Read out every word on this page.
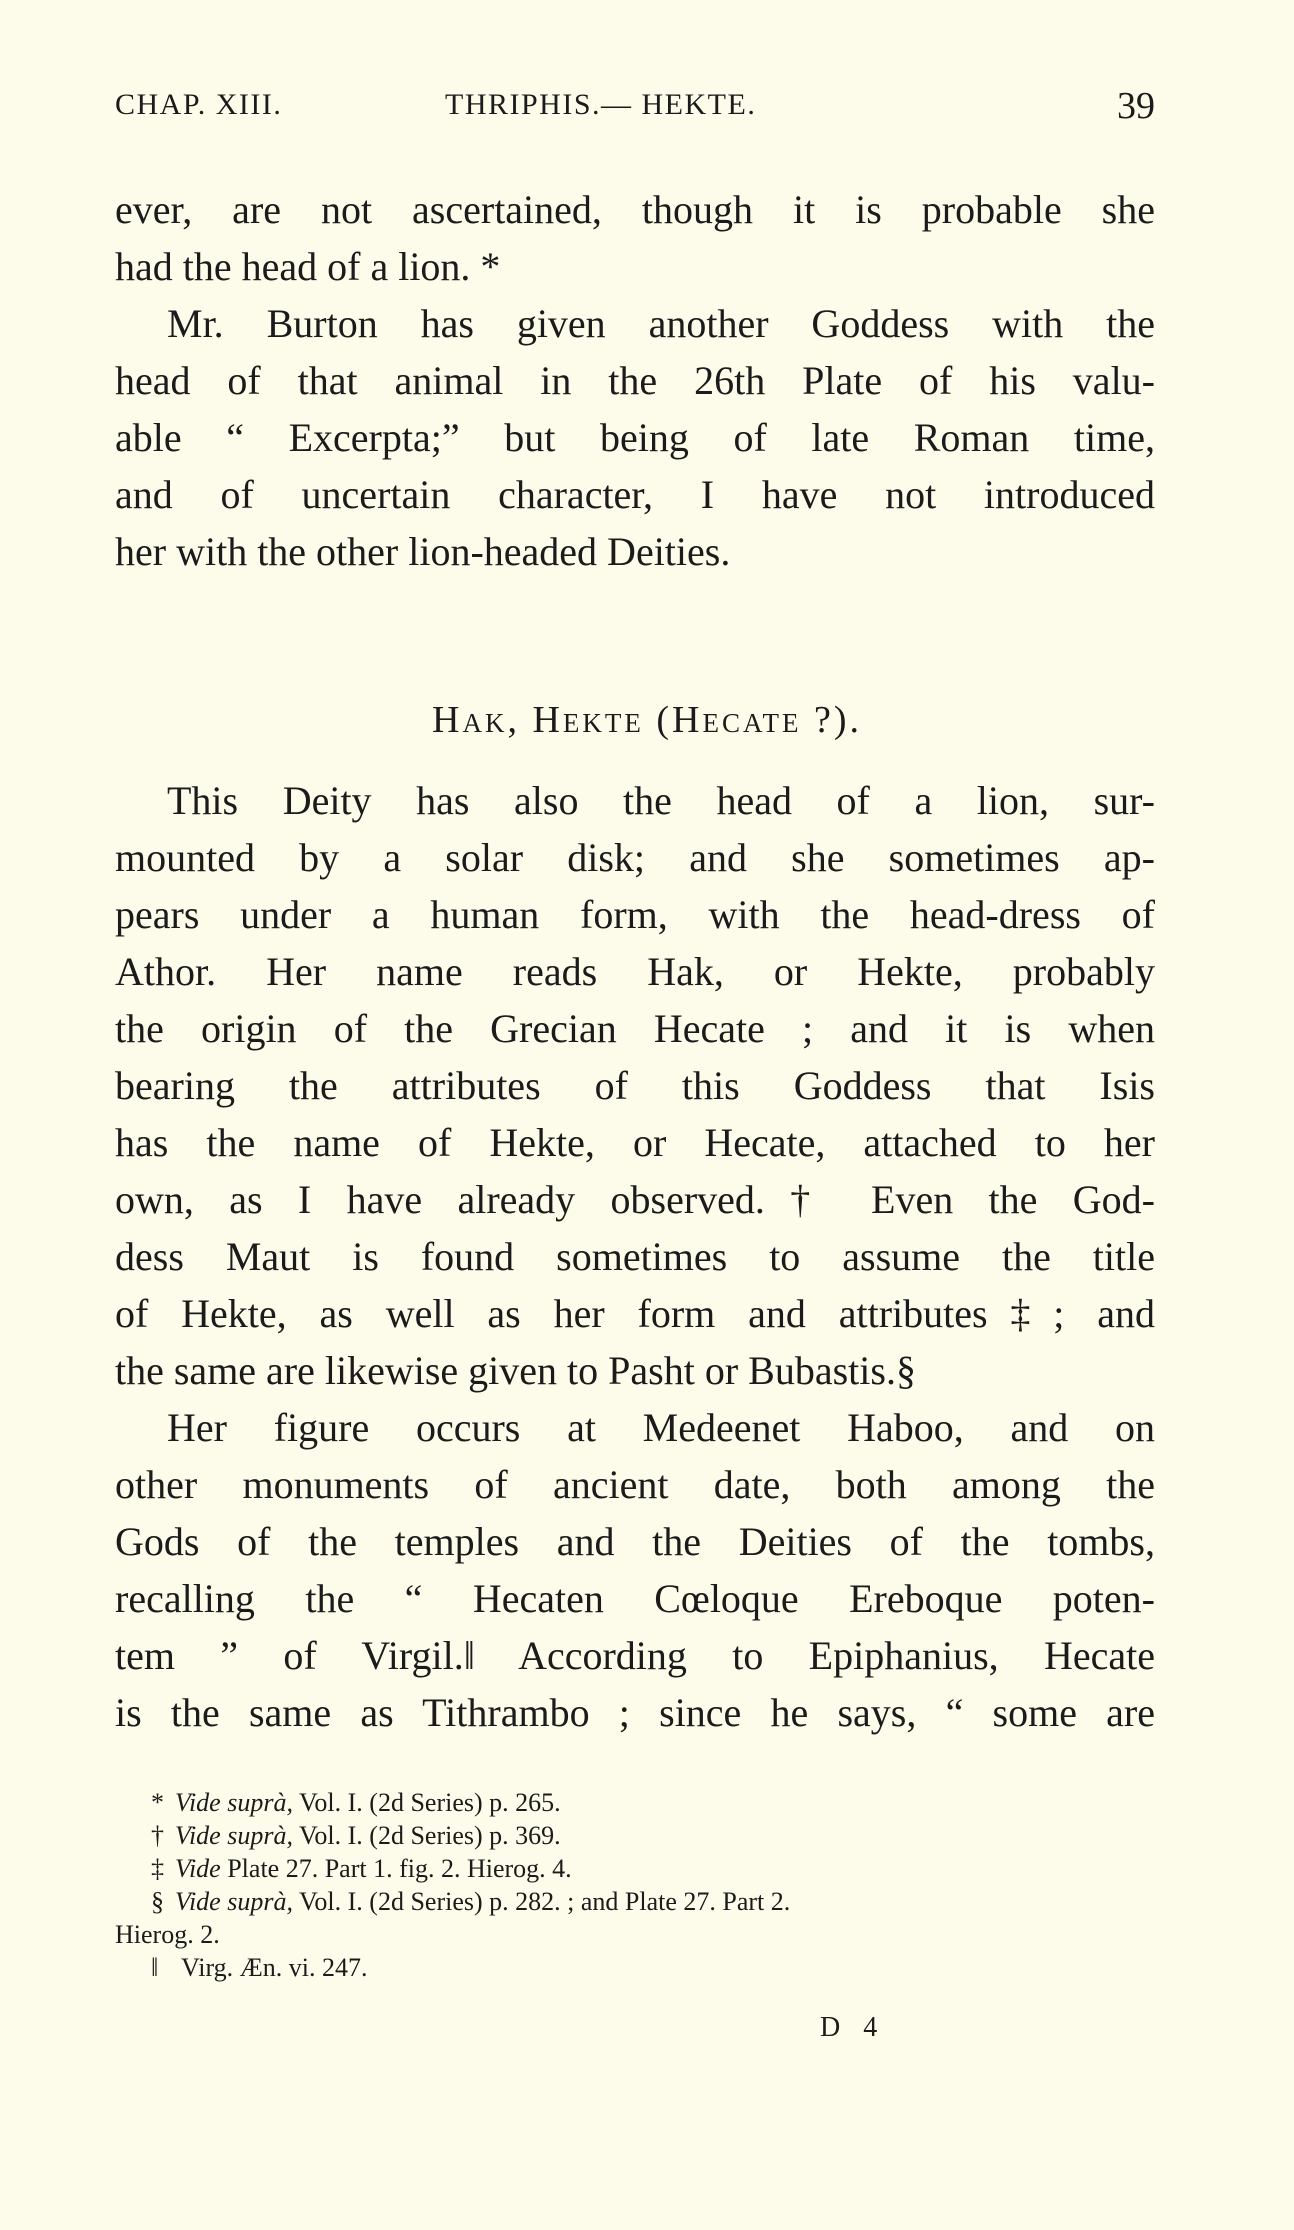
CHAP. XIII.	THRIPHIS.— HEKTE.	39
ever, are not ascertained, though it is probable she
had the head of a lion. *
Mr. Burton has given another Goddess with the
head of that animal in the 26th Plate of his valu-
able “ Excerpta;” but being of late Roman time,
and of uncertain character, I have not introduced
her with the other lion-headed Deities.
Hak, Hekte (Hecate ?).
This Deity has also the head of a lion, sur-
mounted by a solar disk; and she sometimes ap-
pears under a human form, with the head-dress of
Athor. Her name reads Hak, or Hekte, probably
the origin of the Grecian Hecate ; and it is when
bearing the attributes of this Goddess that Isis
has the name of Hekte, or Hecate, attached to her
own, as I have already observed.† Even the God-
dess Maut is found sometimes to assume the title
of Hekte, as well as her form and attributes‡; and
the same are likewise given to Pasht or Bubastis.§
Her figure occurs at Medeenet Haboo, and on
other monuments of ancient date, both among the
Gods of the temples and the Deities of the tombs,
recalling the “ Hecaten Cœloque Ereboque poten-
tem ” of Virgil.‖ According to Epiphanius, Hecate
is the same as Tithrambo ; since he says, “ some are
* Vide suprà, Vol. I. (2d Series) p. 265.
† Vide suprà, Vol. I. (2d Series) p. 369.
‡ Vide Plate 27. Part 1. fig. 2. Hierog. 4.
§ Vide suprà, Vol. I. (2d Series) p. 282. ; and Plate 27. Part 2.
Hierog. 2.
‖ Virg. Æn. vi. 247.
D 4
